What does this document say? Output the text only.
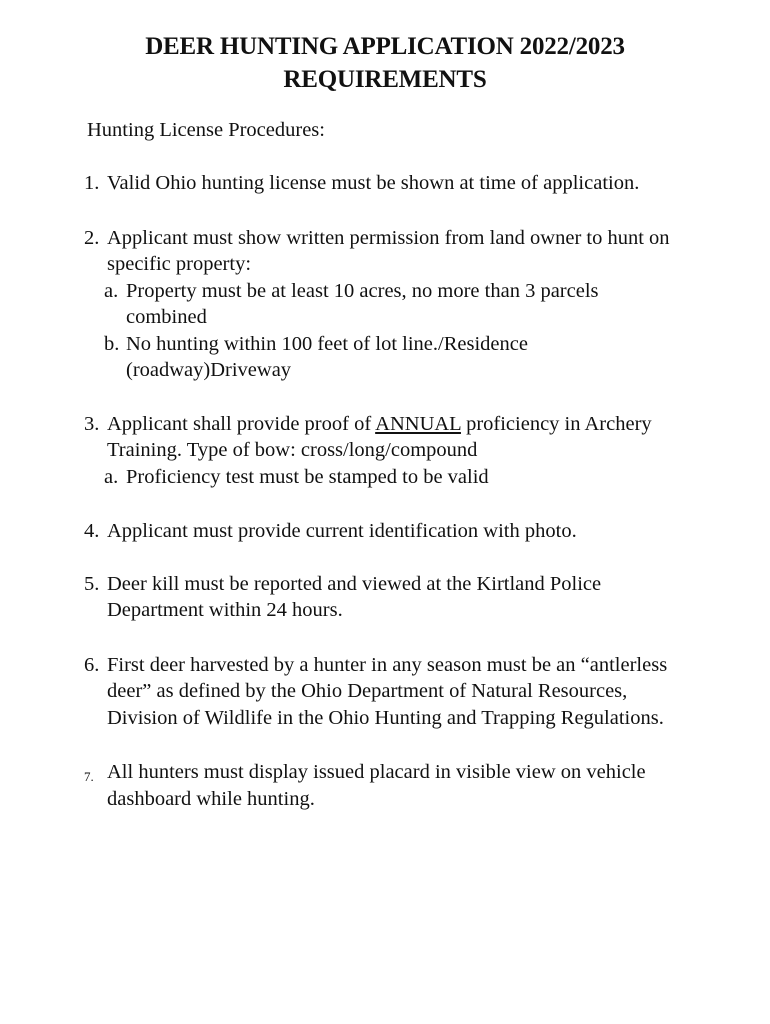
DEER HUNTING APPLICATION 2022/2023
REQUIREMENTS
Hunting License Procedures:
1. Valid Ohio hunting license must be shown at time of application.
2. Applicant must show written permission from land owner to hunt on
specific property:
a. Property must be at least 10 acres, no more than 3 parcels
combined
b. No hunting within 100 feet of lot line./Residence
(roadway)Driveway
3. Applicant shall provide proof of ANNUAL proficiency in Archery
Training. Type of bow: cross/long/compound
a. Proficiency test must be stamped to be valid
4. Applicant must provide current identification with photo.
5. Deer kill must be reported and viewed at the Kirtland Police
Department within 24 hours.
6. First deer harvested by a hunter in any season must be an “antlerless
deer” as defined by the Ohio Department of Natural Resources,
Division of Wildlife in the Ohio Hunting and Trapping Regulations.
7. All hunters must display issued placard in visible view on vehicle
dashboard while hunting.
